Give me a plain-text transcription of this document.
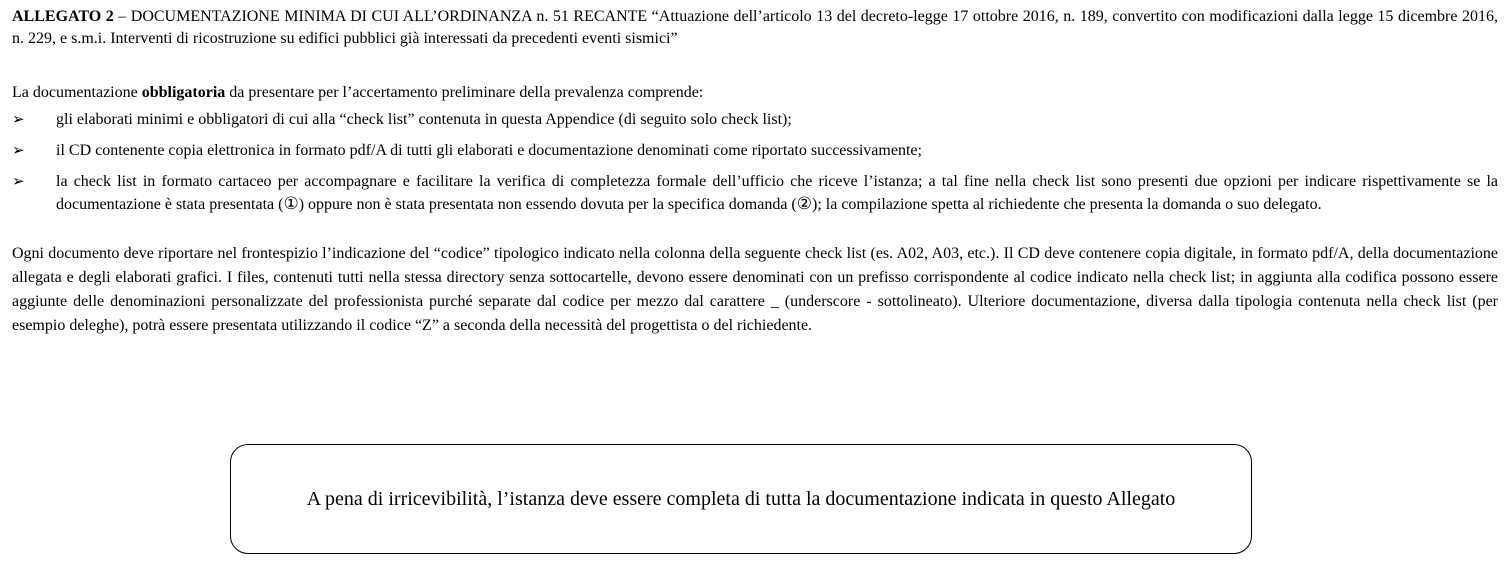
ALLEGATO 2 – DOCUMENTAZIONE MINIMA DI CUI ALL’ORDINANZA n. 51 RECANTE “Attuazione dell’articolo 13 del decreto-legge 17 ottobre 2016, n. 189, convertito con modificazioni dalla legge 15 dicembre 2016, n. 229, e s.m.i. Interventi di ricostruzione su edifici pubblici già interessati da precedenti eventi sismici”

La documentazione obbligatoria da presentare per l’accertamento preliminare della prevalenza comprende:

➢ gli elaborati minimi e obbligatori di cui alla “check list” contenuta in questa Appendice (di seguito solo check list);
➢ il CD contenente copia elettronica in formato pdf/A di tutti gli elaborati e documentazione denominati come riportato successivamente;
➢ la check list in formato cartaceo per accompagnare e facilitare la verifica di completezza formale dell’ufficio che riceve l’istanza; a tal fine nella check list sono presenti due opzioni per indicare rispettivamente se la documentazione è stata presentata (①) oppure non è stata presentata non essendo dovuta per la specifica domanda (②); la compilazione spetta al richiedente che presenta la domanda o suo delegato.

Ogni documento deve riportare nel frontespizio l’indicazione del “codice” tipologico indicato nella colonna della seguente check list (es. A02, A03, etc.). Il CD deve contenere copia digitale, in formato pdf/A, della documentazione allegata e degli elaborati grafici. I files, contenuti tutti nella stessa directory senza sottocartelle, devono essere denominati con un prefisso corrispondente al codice indicato nella check list; in aggiunta alla codifica possono essere aggiunte delle denominazioni personalizzate del professionista purché separate dal codice per mezzo dal carattere _ (underscore - sottolineato). Ulteriore documentazione, diversa dalla tipologia contenuta nella check list (per esempio deleghe), potrà essere presentata utilizzando il codice “Z” a seconda della necessità del progettista o del richiedente.

A pena di irricevibilità, l’istanza deve essere completa di tutta la documentazione indicata in questo Allegato
